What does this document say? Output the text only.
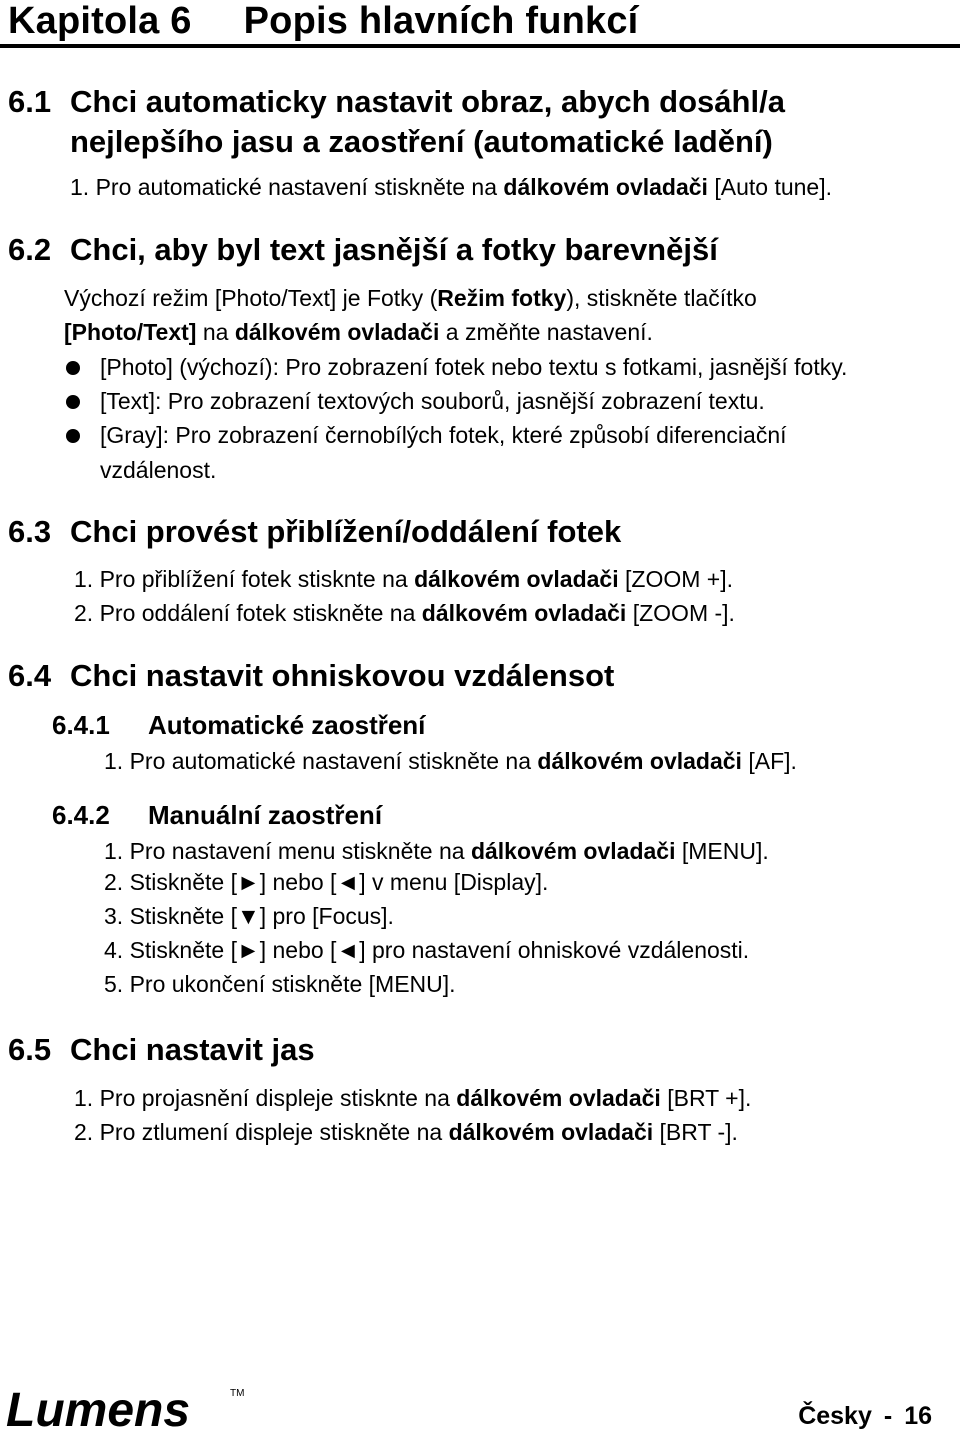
Kapitola 6 Popis hlavních funkcí
6.1 Chci automaticky nastavit obraz, abych dosáhl/a
nejlepšího jasu a zaostření (automatické ladění)
1. Pro automatické nastavení stiskněte na dálkovém ovladači [Auto tune].
6.2 Chci, aby byl text jasnější a fotky barevnější
Výchozí režim [Photo/Text] je Fotky (Režim fotky), stiskněte tlačítko
[Photo/Text] na dálkovém ovladači a změňte nastavení.
[Photo] (výchozí): Pro zobrazení fotek nebo textu s fotkami, jasnější fotky.
[Text]: Pro zobrazení textových souborů, jasnější zobrazení textu.
[Gray]: Pro zobrazení černobílých fotek, které způsobí diferenciační
vzdálenost.
6.3 Chci provést přiblížení/oddálení fotek
1. Pro přiblížení fotek stisknte na dálkovém ovladači [ZOOM +].
2. Pro oddálení fotek stiskněte na dálkovém ovladači [ZOOM -].
6.4 Chci nastavit ohniskovou vzdálensot
6.4.1 Automatické zaostření
1. Pro automatické nastavení stiskněte na dálkovém ovladači [AF].
6.4.2 Manuální zaostření
1. Pro nastavení menu stiskněte na dálkovém ovladači [MENU].
2. Stiskněte [►] nebo [◄] v menu [Display].
3. Stiskněte [▼] pro [Focus].
4. Stiskněte [►] nebo [◄] pro nastavení ohniskové vzdálenosti.
5. Pro ukončení stiskněte [MENU].
6.5 Chci nastavit jas
1. Pro projasnění displeje stisknte na dálkovém ovladači [BRT +].
2. Pro ztlumení displeje stiskněte na dálkovém ovladači [BRT -].
Lumens	TM
Česky - 16
